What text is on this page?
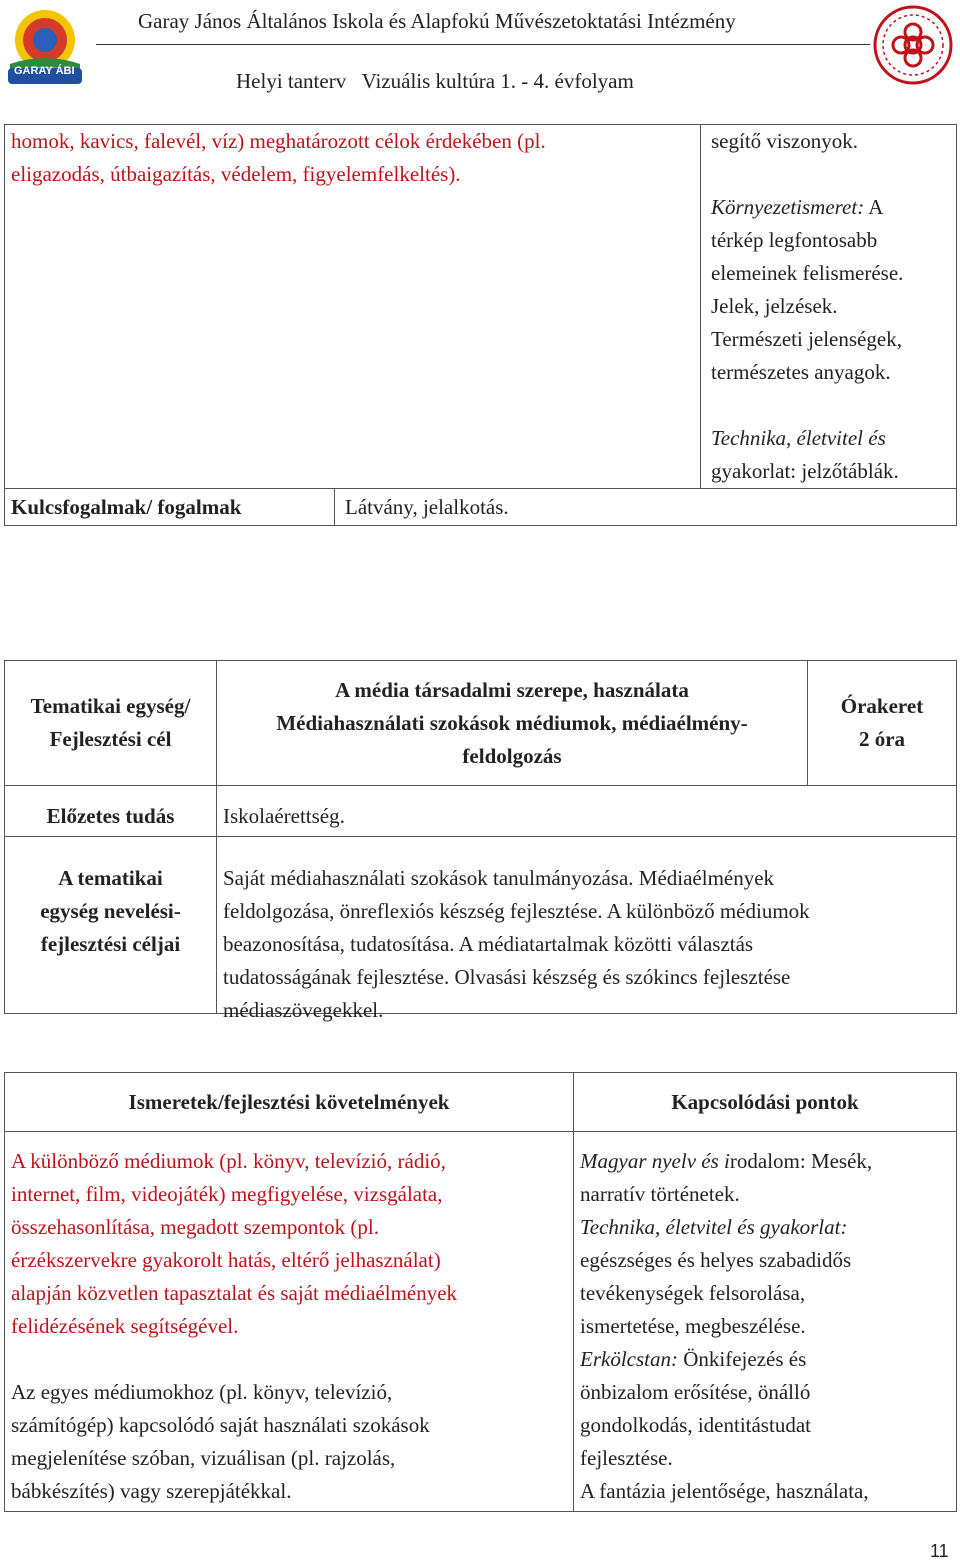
GARAY ÁBI
Garay János Általános Iskola és Alapfokú Művészetoktatási Intézmény
Helyi tanterv   Vizuális kultúra 1. - 4. évfolyam
homok, kavics, falevél, víz) meghatározott célok érdekében (pl.
eligazodás, útbaigazítás, védelem, figyelemfelkeltés).
segítő viszonyok.
Környezetismeret: A
térkép legfontosabb
elemeinek felismerése.
Jelek, jelzések.
Természeti jelenségek,
természetes anyagok.
Technika, életvitel és
gyakorlat: jelzőtáblák.
Kulcsfogalmak/ fogalmak	Látvány, jelalkotás.
Tematikai egység/
Fejlesztési cél
A média társadalmi szerepe, használata
Médiahasználati szokások médiumok, médiaélmény-
feldolgozás
Órakeret
2 óra
Előzetes tudás
A tematikai
egység nevelési-
fejlesztési céljai
Iskolaérettség.
Saját médiahasználati szokások tanulmányozása. Médiaélmények
feldolgozása, önreflexiós készség fejlesztése. A különböző médiumok
beazonosítása, tudatosítása. A médiatartalmak közötti választás
tudatosságának fejlesztése. Olvasási készség és szókincs fejlesztése
médiaszövegekkel.
Ismeretek/fejlesztési követelmények	Kapcsolódási pontok
A különböző médiumok (pl. könyv, televízió, rádió,
internet, film, videojáték) megfigyelése, vizsgálata,
összehasonlítása, megadott szempontok (pl.
érzékszervekre gyakorolt hatás, eltérő jelhasználat)
alapján közvetlen tapasztalat és saját médiaélmények
felidézésének segítségével.
Az egyes médiumokhoz (pl. könyv, televízió,
számítógép) kapcsolódó saját használati szokások
megjelenítése szóban, vizuálisan (pl. rajzolás,
bábkészítés) vagy szerepjátékkal.
Magyar nyelv és irodalom: Mesék,
narratív történetek.
Technika, életvitel és gyakorlat:
egészséges és helyes szabadidős
tevékenységek felsorolása,
ismertetése, megbeszélése.
Erkölcstan: Önkifejezés és
önbizalom erősítése, önálló
gondolkodás, identitástudat
fejlesztése.
A fantázia jelentősége, használata,
11
